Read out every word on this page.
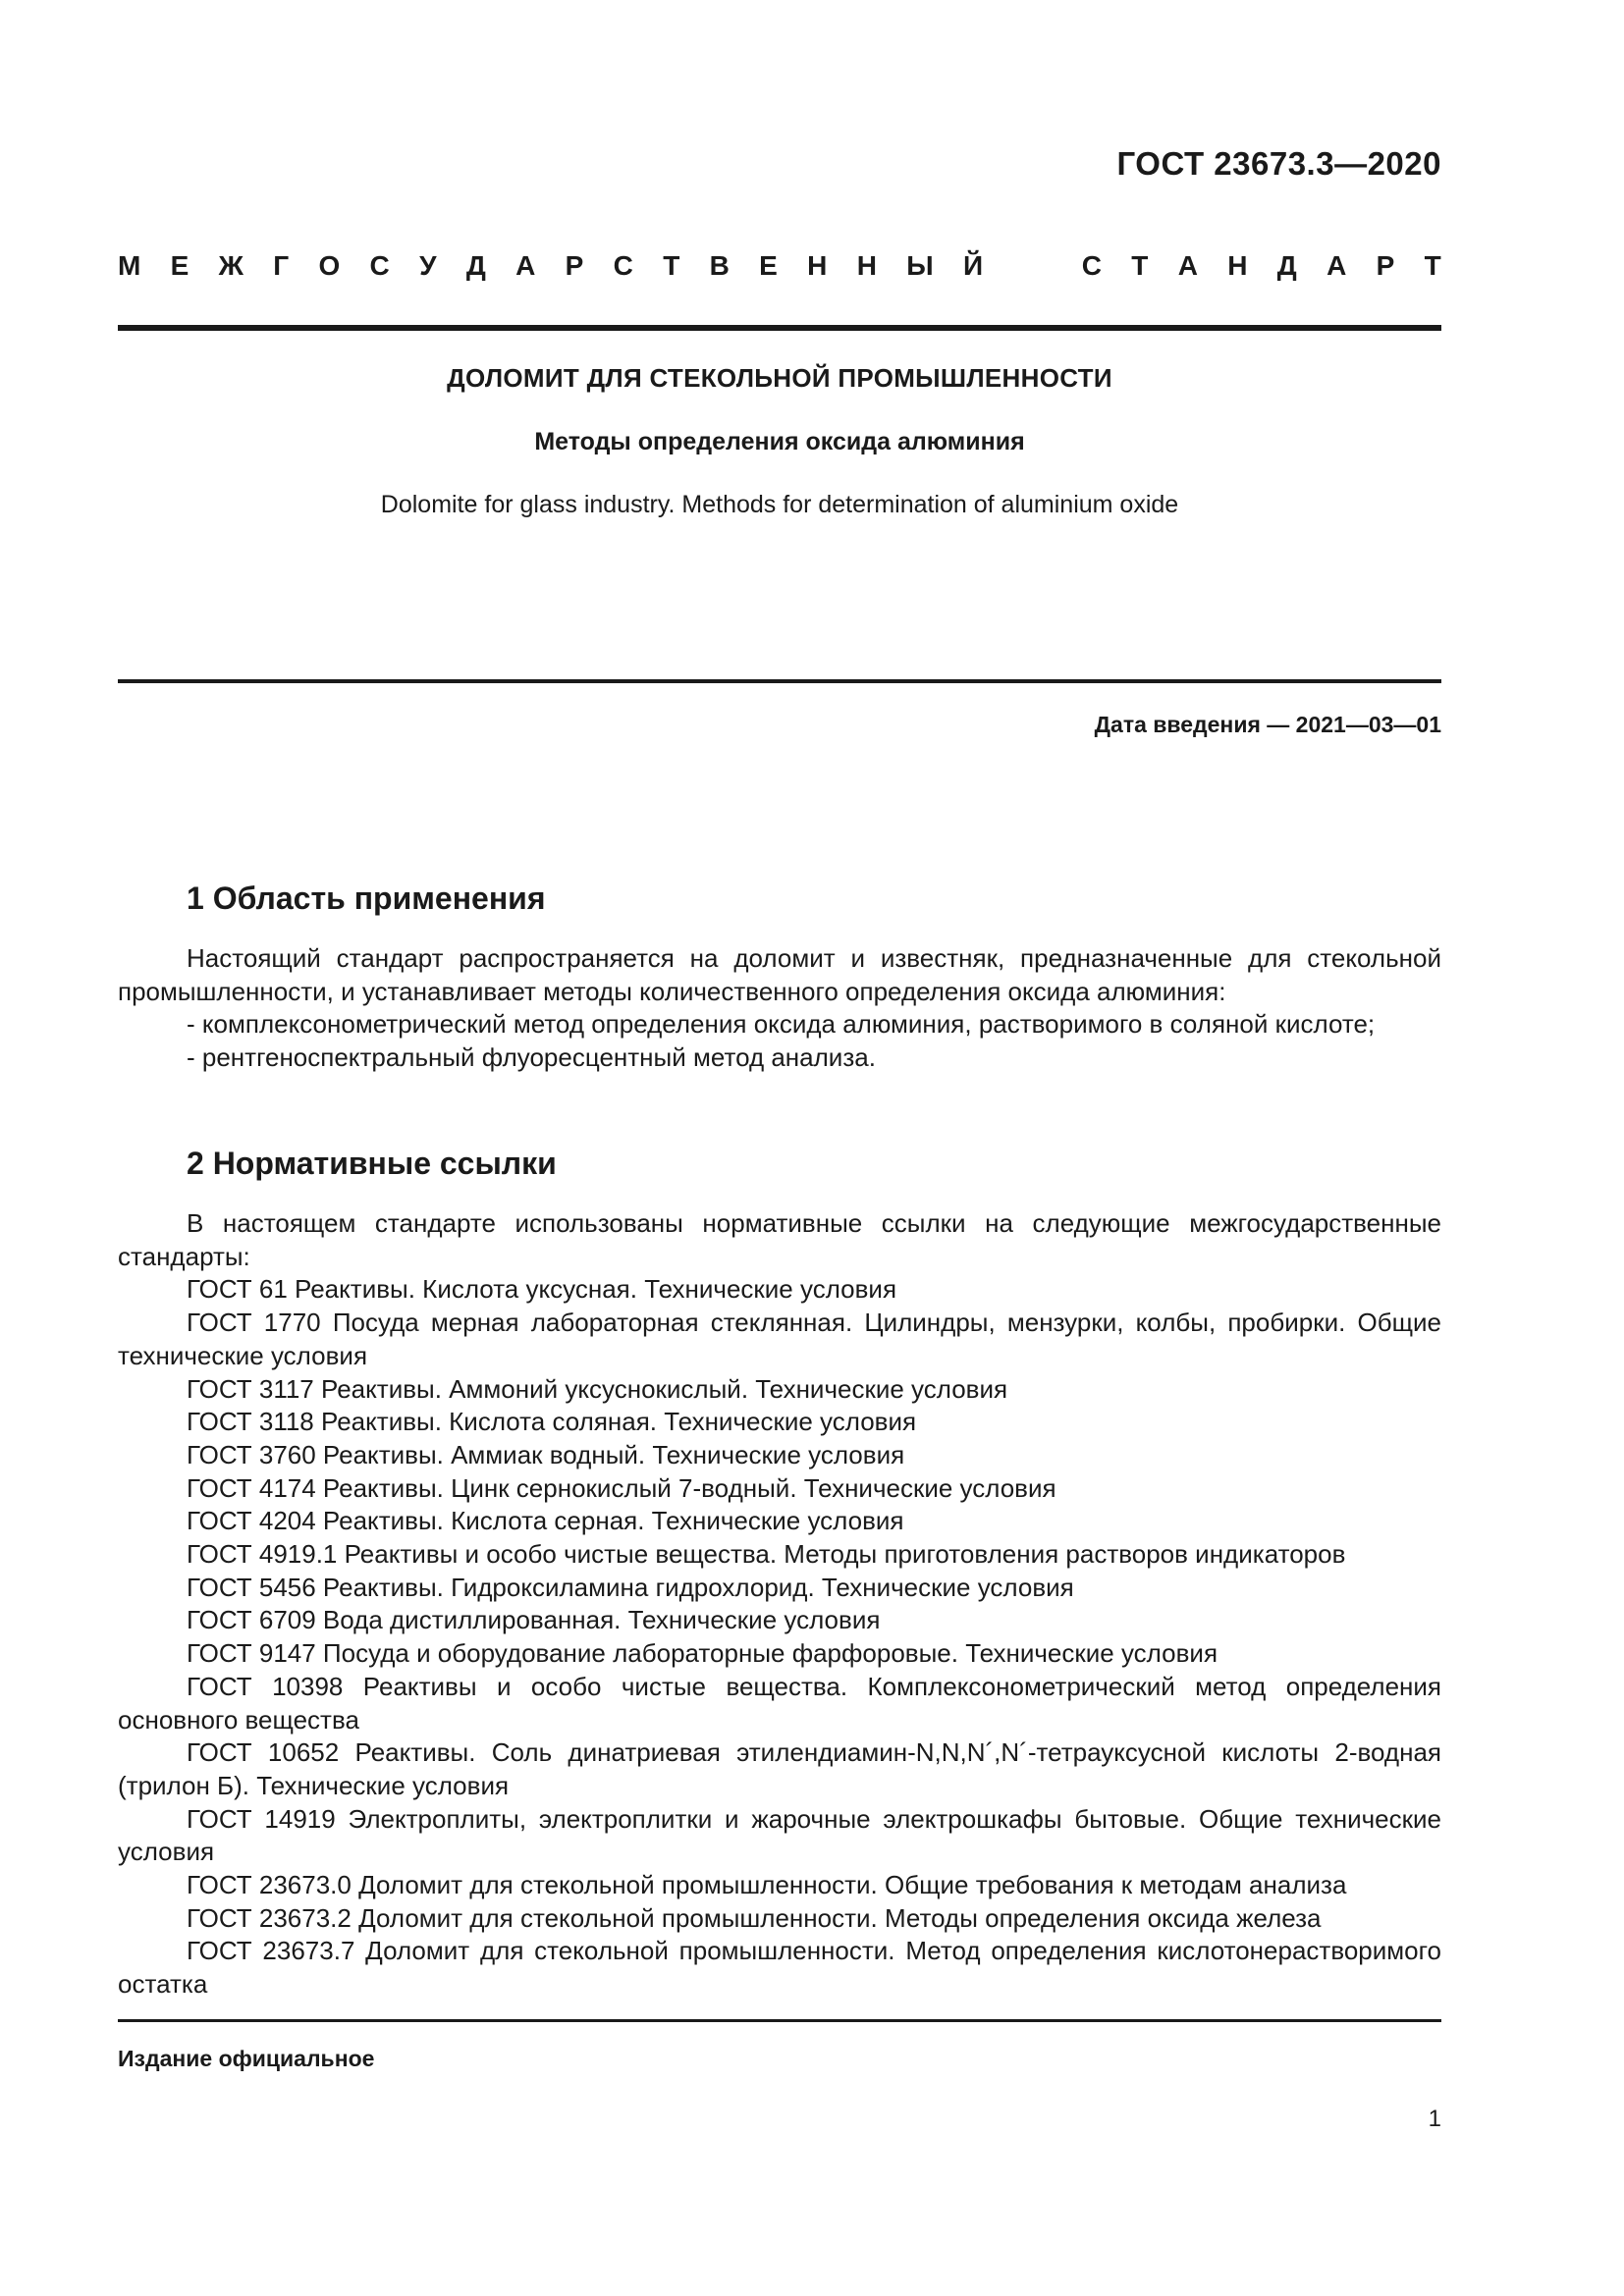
ГОСТ 23673.3—2020
М Е Ж Г О С У Д А Р С Т В Е Н Н Ы Й	С Т А Н Д А Р Т
ДОЛОМИТ ДЛЯ СТЕКОЛЬНОЙ ПРОМЫШЛЕННОСТИ
Методы определения оксида алюминия
Dolomite for glass industry. Methods for determination of aluminium oxide
Дата введения — 2021—03—01
1 Область применения

Настоящий стандарт распространяется на доломит и известняк, предназначенные для стекольной промышленности, и устанавливает методы количественного определения оксида алюминия:

- комплексонометрический метод определения оксида алюминия, растворимого в соляной кислоте;

- рентгеноспектральный флуоресцентный метод анализа.

2 Нормативные ссылки

В настоящем стандарте использованы нормативные ссылки на следующие межгосударственные стандарты:

ГОСТ 61 Реактивы. Кислота уксусная. Технические условия

ГОСТ 1770 Посуда мерная лабораторная стеклянная. Цилиндры, мензурки, колбы, пробирки. Общие технические условия

ГОСТ 3117 Реактивы. Аммоний уксуснокислый. Технические условия

ГОСТ 3118 Реактивы. Кислота соляная. Технические условия

ГОСТ 3760 Реактивы. Аммиак водный. Технические условия

ГОСТ 4174 Реактивы. Цинк сернокислый 7-водный. Технические условия

ГОСТ 4204 Реактивы. Кислота серная. Технические условия

ГОСТ 4919.1 Реактивы и особо чистые вещества. Методы приготовления растворов индикаторов

ГОСТ 5456 Реактивы. Гидроксиламина гидрохлорид. Технические условия

ГОСТ 6709 Вода дистиллированная. Технические условия

ГОСТ 9147 Посуда и оборудование лабораторные фарфоровые. Технические условия

ГОСТ 10398 Реактивы и особо чистые вещества. Комплексонометрический метод определения основного вещества

ГОСТ 10652 Реактивы. Соль динатриевая этилендиамин-N,N,N´,N´-тетрауксусной кислоты 2-водная (трилон Б). Технические условия

ГОСТ 14919 Электроплиты, электроплитки и жарочные электрошкафы бытовые. Общие технические условия

ГОСТ 23673.0 Доломит для стекольной промышленности. Общие требования к методам анализа

ГОСТ 23673.2 Доломит для стекольной промышленности. Методы определения оксида железа

ГОСТ 23673.7 Доломит для стекольной промышленности. Метод определения кислотонерастворимого остатка

Издание официальное
1
